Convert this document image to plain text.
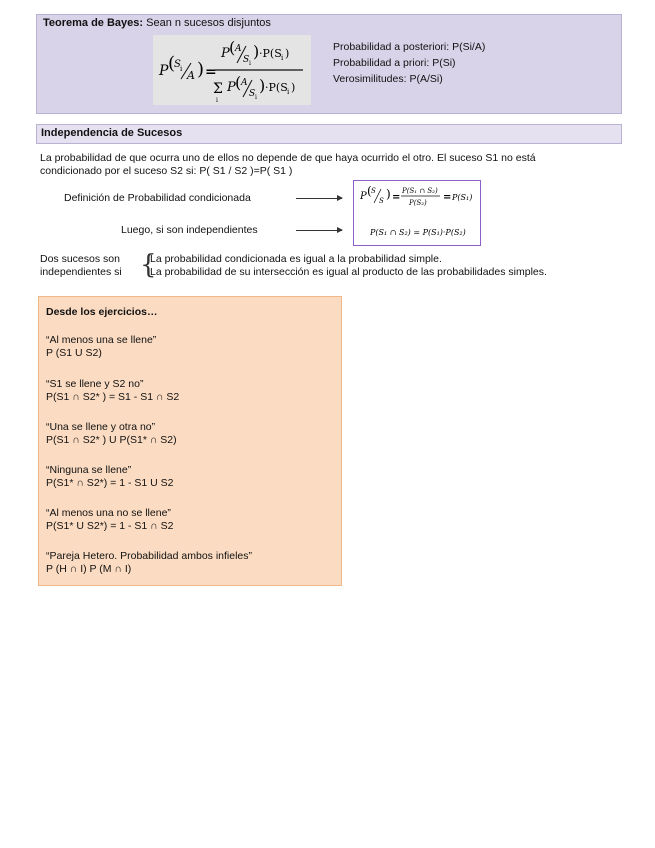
Teorema de Bayes: Sean n sucesos disjuntos
P (
S i A ) =
P ( A
S i
) ·P(S i )
Σ
i
P ( A
S i
) ·P(S i )
Probabilidad a posteriori: P(Si/A)
Probabilidad a priori: P(Si)
Verosimilitudes: P(A/Si)
Independencia de Sucesos
La probabilidad de que ocurra uno de ellos no depende de que haya ocurrido el otro. El suceso S1 no está
condicionado por el suceso S2 si: P( S1 / S2 )=P( S1 )
Definición de Probabilidad condicionada
Luego, si son independientes
P ( S
S ) =
P(S₁ ∩ S₂)
P(S₂) = P(S₁)
P(S₁ ∩ S₂) = P(S₁)·P(S₂)
Dos sucesos son
independientes si {
La probabilidad condicionada es igual a la probabilidad simple.
La probabilidad de su intersección es igual al producto de las probabilidades simples.
Desde los ejercicios…
“Al menos una se llene”
P (S1 U S2)
“S1 se llene y S2 no”
P(S1 ∩ S2* ) = S1 - S1 ∩ S2
“Una se llene y otra no”
P(S1 ∩ S2* ) U P(S1* ∩ S2)
“Ninguna se llene”
P(S1* ∩ S2*) = 1 - S1 U S2
“Al menos una no se llene”
P(S1* U S2*) = 1 - S1 ∩ S2
“Pareja Hetero. Probabilidad ambos infieles”
P (H ∩ I) P (M ∩ I)
